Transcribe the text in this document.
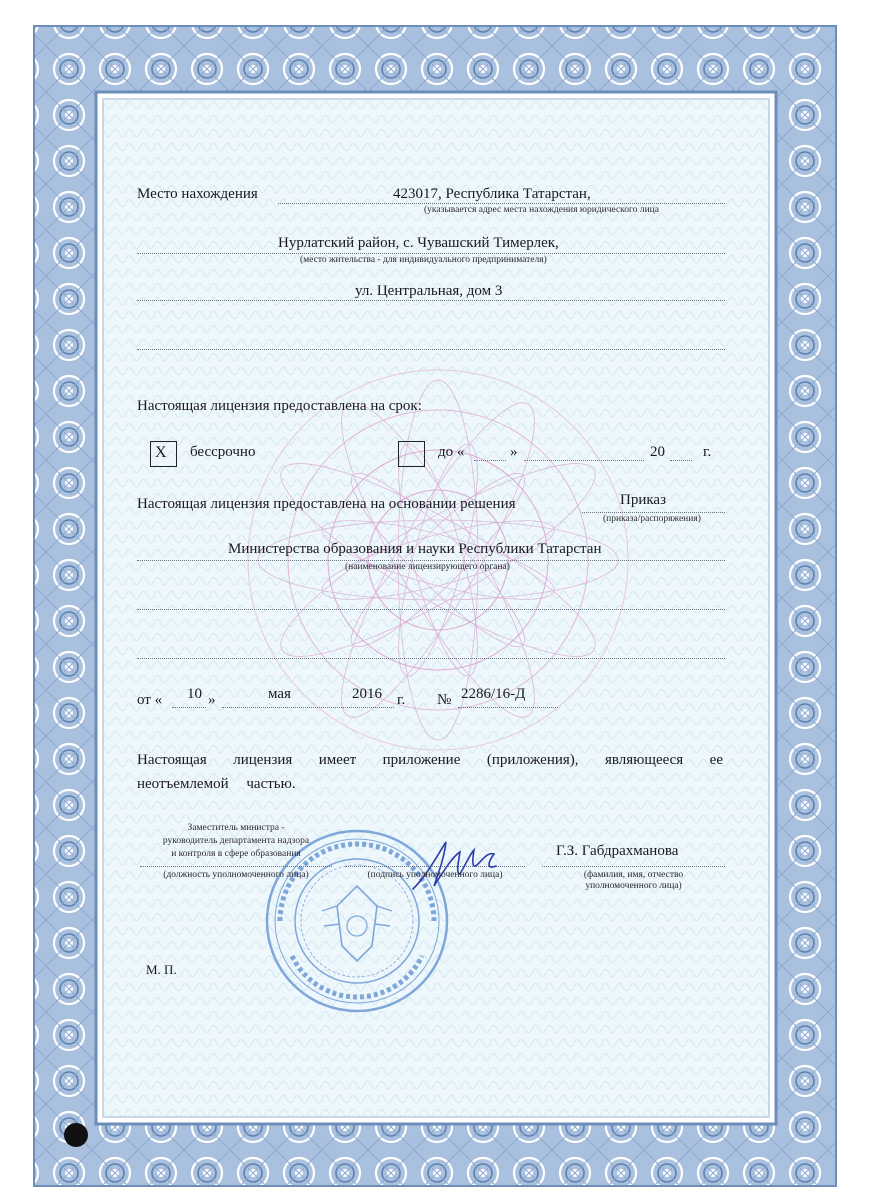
Место нахождения	423017, Республика Татарстан,
(указывается адрес места нахождения юридического лица
Нурлатский район, с. Чувашский Тимерлек,
(место жительства - для индивидуального предпринимателя)
ул. Центральная, дом 3
Настоящая лицензия предоставлена на срок:
X бессрочно	до «	»	20	г.
Настоящая лицензия предоставлена на основании решения	Приказ
(приказа/распоряжения)
Министерства образования и науки Республики Татарстан
(наименование лицензирующего органа)
от « 10 »	мая	2016 г. № 2286/16-Д
Настоящая лицензия имеет приложение (приложения), являющееся ее
неотъемлемой частью.
Заместитель министра -
руководитель департамента надзора
и контроля в сфере образования
(должность уполномоченного лица)	(подпись уполномоченного лица)
Г.З. Габдрахманова
(фамилия, имя, отчество
уполномоченного лица)
М. П.
